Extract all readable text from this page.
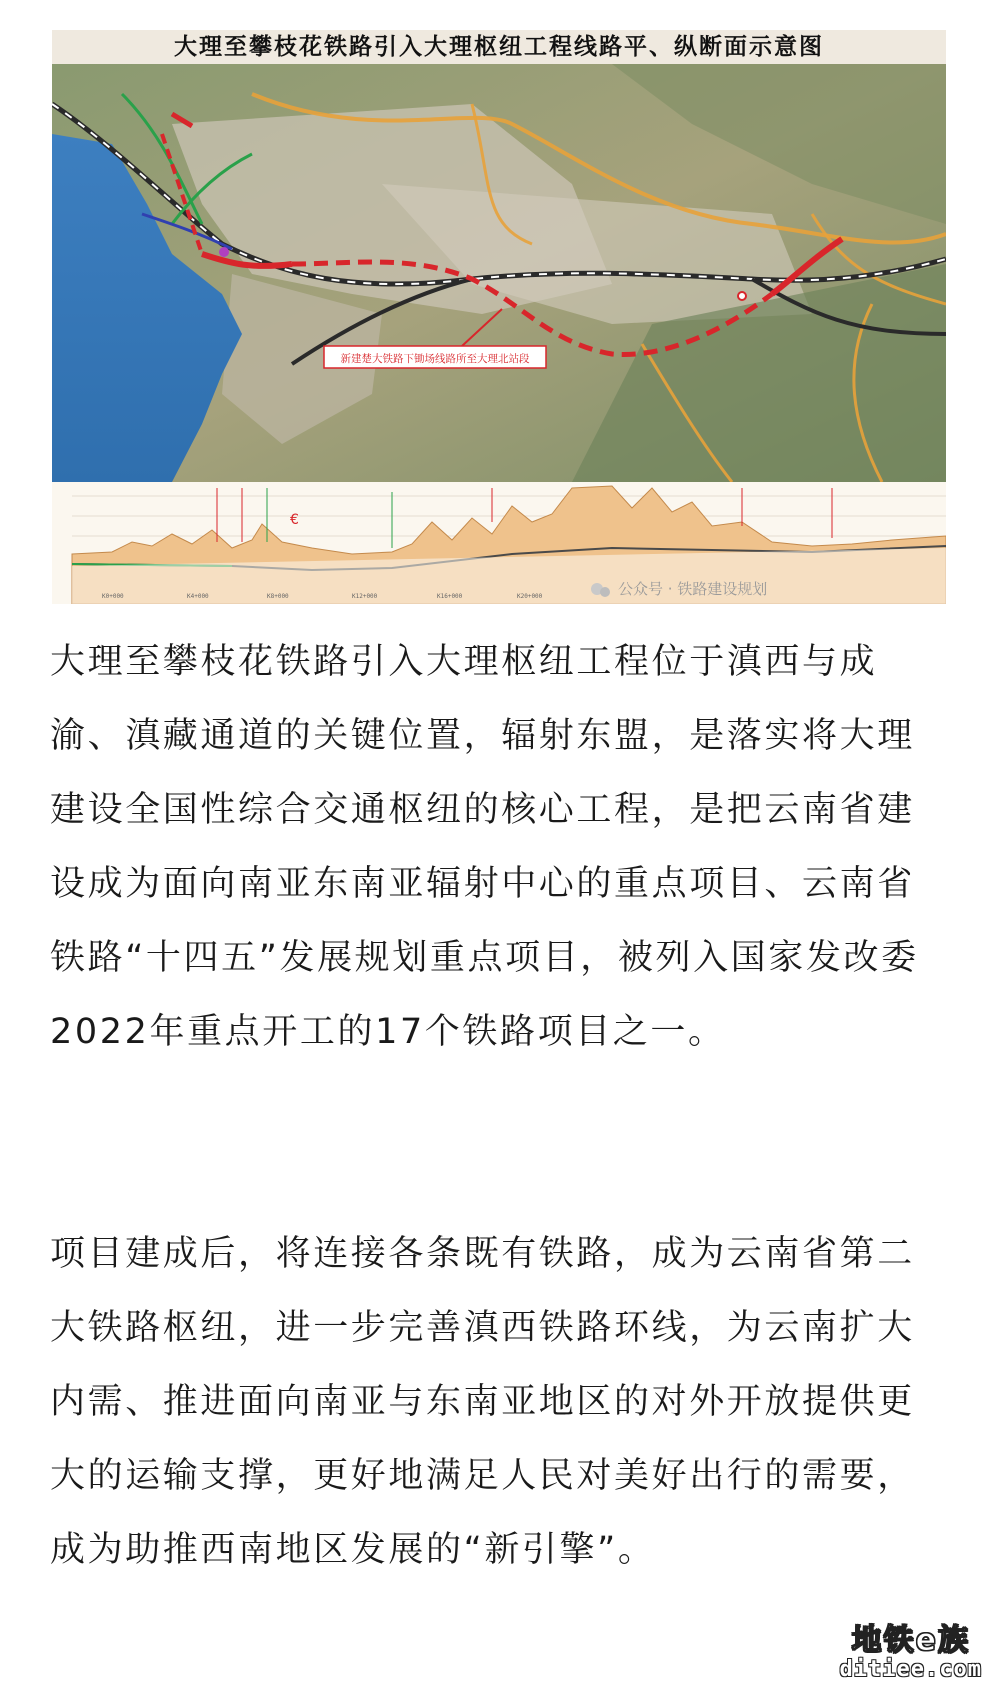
大理至攀枝花铁路引入大理枢纽工程线路平、纵断面示意图
新建楚大铁路下锄场线路所至大理北站段
€
K0+000	K4+000	K8+000	K12+000	K16+000	K20+000	公众号 · 铁路建设规划

大理至攀枝花铁路引入大理枢纽工程位于滇西与成渝、滇藏通道的关键位置，辐射东盟，是落实将大理建设全国性综合交通枢纽的核心工程，是把云南省建设成为面向南亚东南亚辐射中心的重点项目、云南省铁路“十四五”发展规划重点项目，被列入国家发改委2022年重点开工的17个铁路项目之一。

项目建成后，将连接各条既有铁路，成为云南省第二大铁路枢纽，进一步完善滇西铁路环线，为云南扩大内需、推进面向南亚与东南亚地区的对外开放提供更大的运输支撑，更好地满足人民对美好出行的需要，成为助推西南地区发展的“新引擎”。

地铁e族
ditiee.com
